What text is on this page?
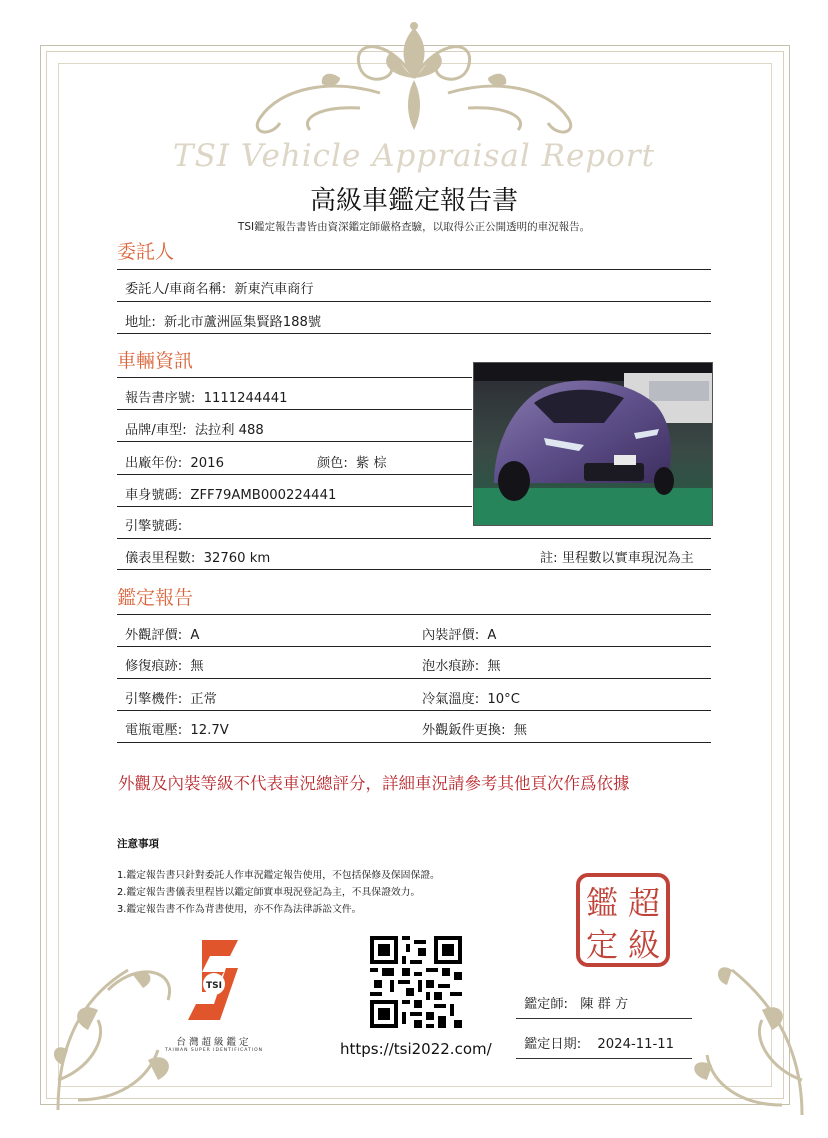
TSI Vehicle Appraisal Report
高級車鑑定報告書
TSI鑑定報告書皆由資深鑑定師嚴格查驗，以取得公正公開透明的車況報告。
委託人
委託人/車商名稱: 新東汽車商行
地址: 新北市蘆洲區集賢路188號
車輛資訊
報告書序號: 1111244441
品牌/車型: 法拉利 488
出廠年份: 2016	颜色: 紫 棕
車身號碼: ZFF79AMB000224441
引擎號碼:
儀表里程數: 32760 km	註: 里程數以實車現況為主
鑑定報告
外觀評價: A	內裝評價: A
修復痕跡: 無	泡水痕跡: 無
引擎機件: 正常	冷氣溫度: 10°C
電瓶電壓: 12.7V	外觀鈑件更換: 無
外觀及內裝等級不代表車況總評分，詳細車況請參考其他頁次作爲依據
注意事項
1.鑑定報告書只針對委託人作車況鑑定報告使用，不包括保修及保固保證。
2.鑑定報告書儀表里程皆以鑑定師實車現況登記為主，不具保證效力。
3.鑑定報告書不作為背書使用，亦不作為法律訴訟文件。	鑑 超
定 級
TSI
台灣超級鑑定
TAIWAN SUPER IDENTIFICATION	https://tsi2022.com/
鑑定師: 陳 群 方
鑑定日期: 2024-11-11
